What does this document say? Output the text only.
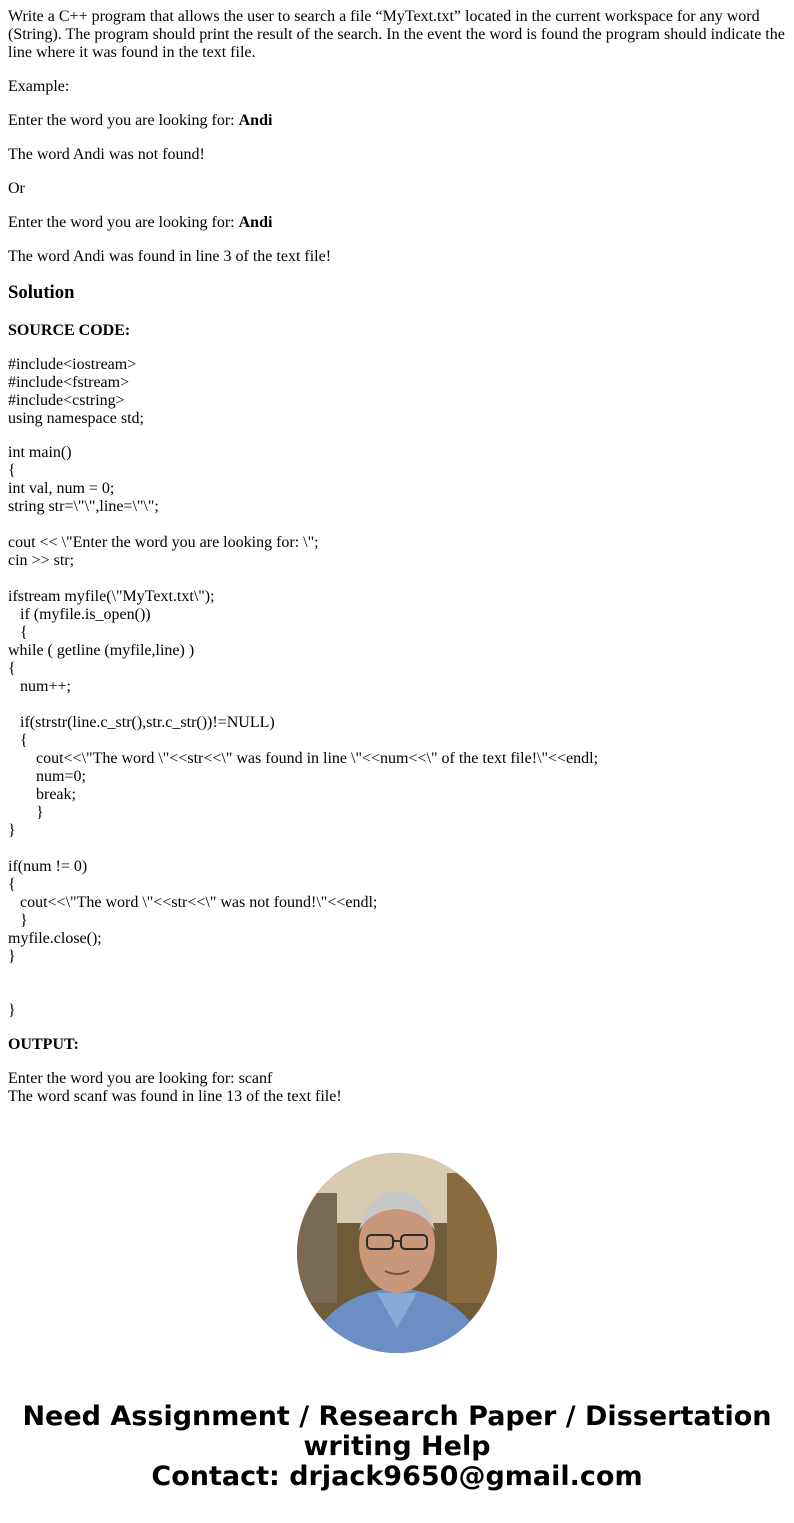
Write a C++ program that allows the user to search a file “MyText.txt” located in the current workspace for any word (String). The program should print the result of the search. In the event the word is found the program should indicate the line where it was found in the text file.

Example:

Enter the word you are looking for: Andi

The word Andi was not found!

Or

Enter the word you are looking for: Andi

The word Andi was found in line 3 of the text file!

Solution

SOURCE CODE:

#include<iostream>
#include<fstream>
#include<cstring>
using namespace std;
int main()
{
int val, num = 0;
string str=\"\",line=\"\";
cout << \"Enter the word you are looking for: \";
cin >> str;
ifstream myfile(\"MyText.txt\");
if (myfile.is_open())
{
while ( getline (myfile,line) )
{
num++;
if(strstr(line.c_str(),str.c_str())!=NULL)
{
cout<<\"The word \"<<str<<\" was found in line \"<<num<<\" of the text file!\"<<endl;
num=0;
break;
}
}
if(num != 0)
{
cout<<\"The word \"<<str<<\" was not found!\"<<endl;
}
myfile.close();
}
}

OUTPUT:

Enter the word you are looking for: scanf
The word scanf was found in line 13 of the text file!
Need Assignment / Research Paper / Dissertation
writing Help
Contact: drjack9650@gmail.com
